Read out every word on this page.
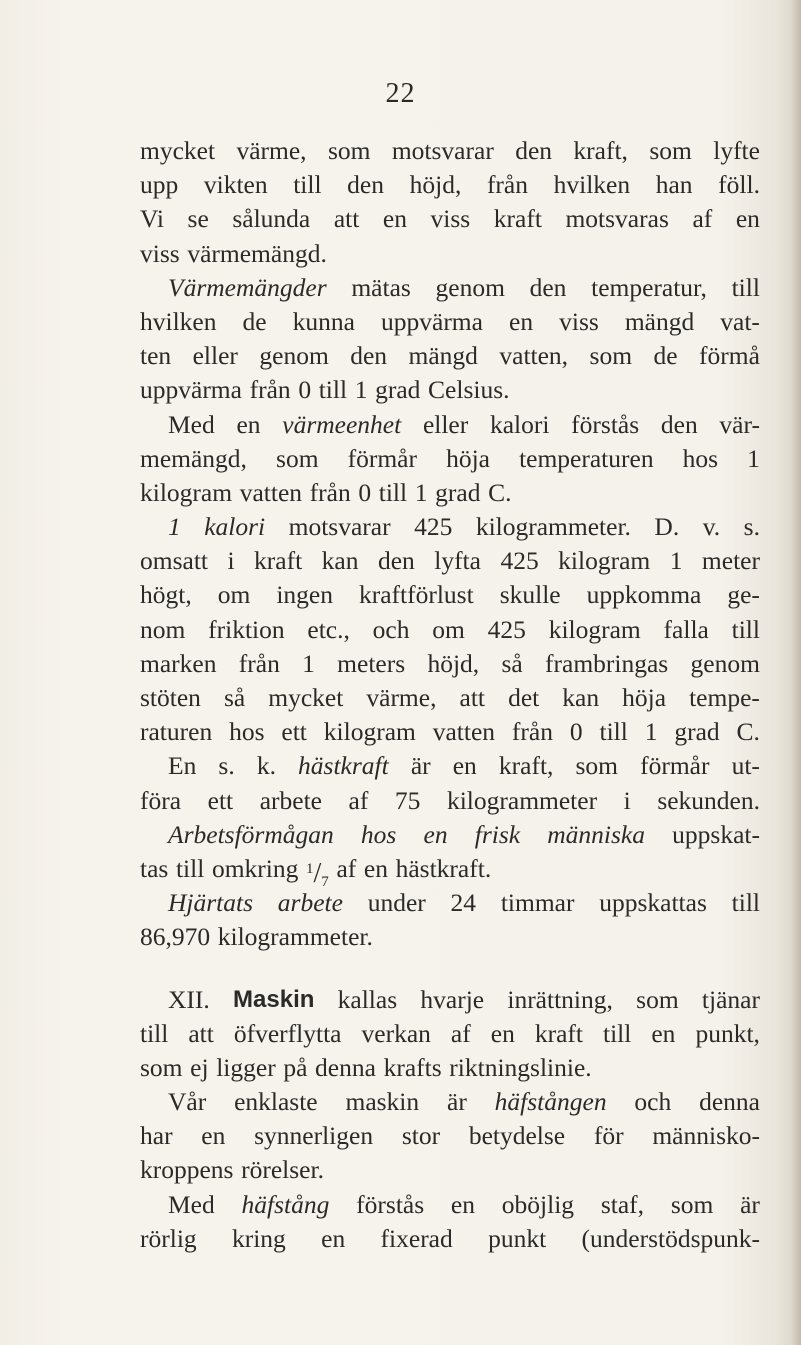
22
mycket värme, som motsvarar den kraft, som lyfte
upp vikten till den höjd, från hvilken han föll.
Vi se sålunda att en viss kraft motsvaras af en
viss värmemängd.
Värmemängder mätas genom den temperatur, till
hvilken de kunna uppvärma en viss mängd vat-
ten eller genom den mängd vatten, som de förmå
uppvärma från 0 till 1 grad Celsius.
Med en värmeenhet eller kalori förstås den vär-
memängd, som förmår höja temperaturen hos 1
kilogram vatten från 0 till 1 grad C.
1 kalori motsvarar 425 kilogrammeter. D. v. s.
omsatt i kraft kan den lyfta 425 kilogram 1 meter
högt, om ingen kraftförlust skulle uppkomma ge-
nom friktion etc., och om 425 kilogram falla till
marken från 1 meters höjd, så frambringas genom
stöten så mycket värme, att det kan höja tempe-
raturen hos ett kilogram vatten från 0 till 1 grad C.
En s. k. hästkraft är en kraft, som förmår ut-
föra ett arbete af 75 kilogrammeter i sekunden.
Arbetsförmågan hos en frisk människa uppskat-
tas till omkring $^1/_7$ af en hästkraft.
Hjärtats arbete under 24 timmar uppskattas till
86,970 kilogrammeter.
XII. Maskin kallas hvarje inrättning, som tjänar
till att öfverflytta verkan af en kraft till en punkt,
som ej ligger på denna krafts riktningslinie.
Vår enklaste maskin är häfstången och denna
har en synnerligen stor betydelse för människo-
kroppens rörelser.
Med häfstång förstås en oböjlig staf, som är
rörlig kring en fixerad punkt (understödspunk-
